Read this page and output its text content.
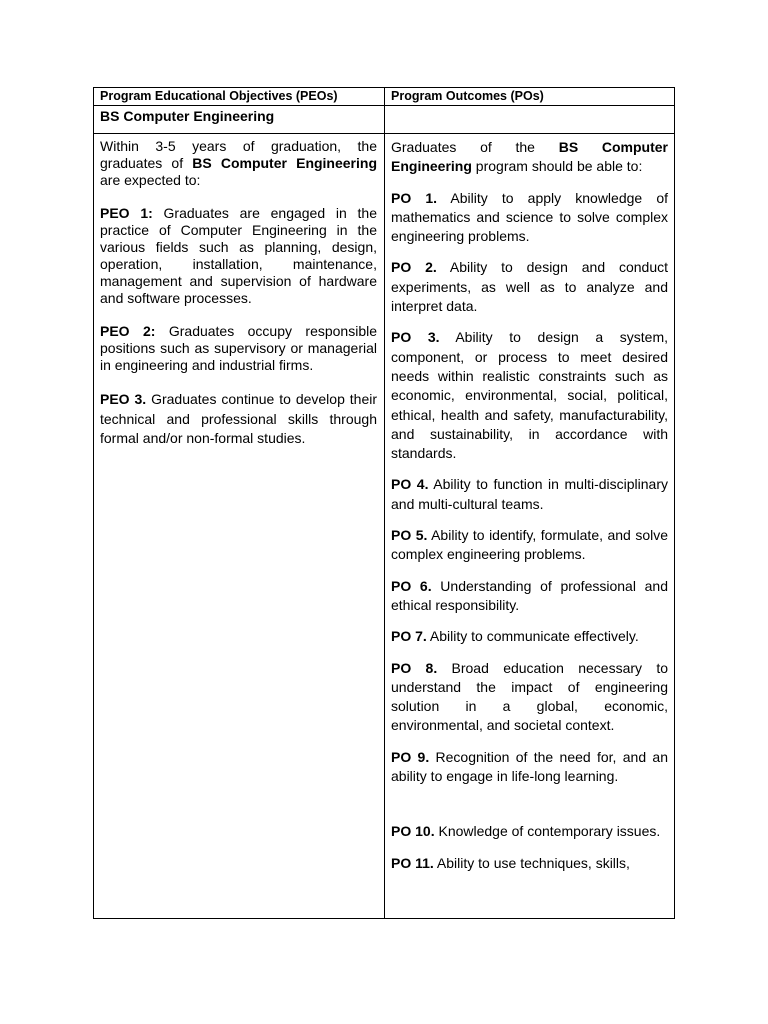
Program Educational Objectives (PEOs)	Program Outcomes (POs)
BS Computer Engineering

Within 3-5 years of graduation, the graduates of BS Computer Engineering are expected to:

PEO 1: Graduates are engaged in the practice of Computer Engineering in the various fields such as planning, design, operation, installation, maintenance, management and supervision of hardware and software processes.

PEO 2: Graduates occupy responsible positions such as supervisory or managerial in engineering and industrial firms.

PEO 3. Graduates continue to develop their technical and professional skills through formal and/or non-formal studies.

Graduates of the BS Computer Engineering program should be able to:

PO 1. Ability to apply knowledge of mathematics and science to solve complex engineering problems.

PO 2. Ability to design and conduct experiments, as well as to analyze and interpret data.

PO 3. Ability to design a system, component, or process to meet desired needs within realistic constraints such as economic, environmental, social, political, ethical, health and safety, manufacturability, and sustainability, in accordance with standards.

PO 4. Ability to function in multi-disciplinary and multi-cultural teams.

PO 5. Ability to identify, formulate, and solve complex engineering problems.

PO 6. Understanding of professional and ethical responsibility.

PO 7. Ability to communicate effectively.

PO 8. Broad education necessary to understand the impact of engineering solution in a global, economic, environmental, and societal context.

PO 9. Recognition of the need for, and an ability to engage in life-long learning.

PO 10. Knowledge of contemporary issues.

PO 11. Ability to use techniques, skills,
